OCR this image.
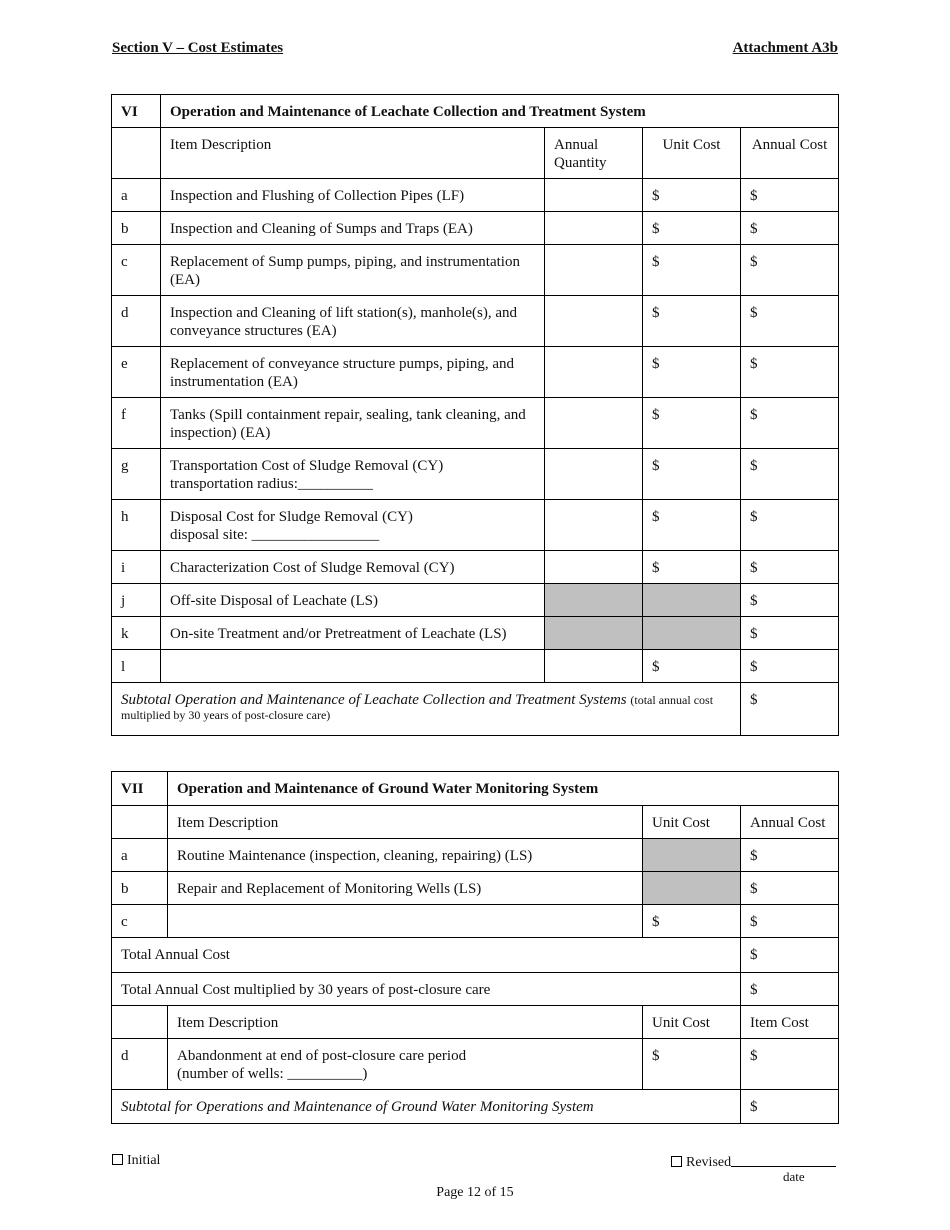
Section V – Cost Estimates	Attachment A3b
VI	Operation and Maintenance of Leachate Collection and Treatment System			
	Item Description	Annual Quantity	Unit Cost	Annual Cost
a	Inspection and Flushing of Collection Pipes (LF)		$	$
b	Inspection and Cleaning of Sumps and Traps (EA)		$	$
c	Replacement of Sump pumps, piping, and instrumentation (EA)		$	$
d	Inspection and Cleaning of lift station(s), manhole(s), and conveyance structures (EA)		$	$
e	Replacement of conveyance structure pumps, piping, and instrumentation (EA)		$	$
f	Tanks (Spill containment repair, sealing, tank cleaning, and inspection) (EA)		$	$
g	Transportation Cost of Sludge Removal (CY)
transportation radius:__________		$	$
h	Disposal Cost for Sludge Removal (CY)
disposal site: _________________		$	$
i	Characterization Cost of Sludge Removal (CY)		$	$
j	Off-site Disposal of Leachate (LS)			$
k	On-site Treatment and/or Pretreatment of Leachate (LS)			$
l			$	$
Subtotal Operation and Maintenance of Leachate Collection and Treatment Systems (total annual cost multiplied by 30 years of post-closure care)				$
VII	Operation and Maintenance of Ground Water Monitoring System		
	Item Description	Unit Cost	Annual Cost
a	Routine Maintenance (inspection, cleaning, repairing) (LS)		$
b	Repair and Replacement of Monitoring Wells (LS)		$
c		$	$
Total Annual Cost			$
Total Annual Cost multiplied by 30 years of post-closure care			$
	Item Description	Unit Cost	Item Cost
d	Abandonment at end of post-closure care period
(number of wells: __________)	$	$
Subtotal for Operations and Maintenance of Ground Water Monitoring System			$
Initial	Revised
date
Page 12 of 15
